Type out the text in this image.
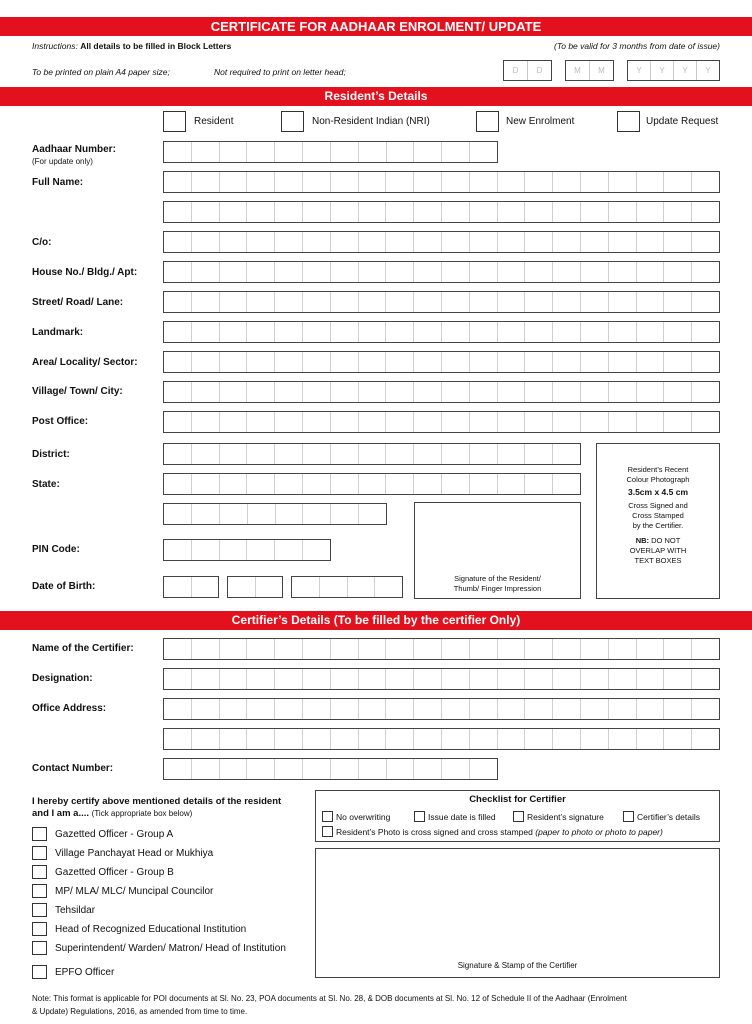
CERTIFICATE FOR AADHAAR ENROLMENT/ UPDATE
Instructions: All details to be filled in Block Letters	(To be valid for 3 months from date of issue)
To be printed on plain A4 paper size;	Not required to print on letter head;	D	D	M	M	Y	Y	Y	Y
Resident’s Details
Resident	Non-Resident Indian (NRI)	New Enrolment	Update Request
Aadhaar Number:
(For update only)
Full Name:
C/o:
House No./ Bldg./ Apt:
Street/ Road/ Lane:
Landmark:
Area/ Locality/ Sector:
Village/ Town/ City:
Post Office:
District:
State:
PIN Code:
Date of Birth:
Signature of the Resident/
Thumb/ Finger Impression
Resident’s Recent
Colour Photograph
3.5cm x 4.5 cm
Cross Signed and
Cross Stamped
by the Certifier.
NB: DO NOT
OVERLAP WITH
TEXT BOXES
Certifier’s Details (To be filled by the certifier Only)
Name of the Certifier:
Designation:
Office Address:
Contact Number:
I hereby certify above mentioned details of the resident
and I am a.... (Tick appropriate box below)
Gazetted Officer - Group A
Village Panchayat Head or Mukhiya
Gazetted Officer - Group B
MP/ MLA/ MLC/ Muncipal Councilor
Tehsildar
Head of Recognized Educational Institution
Superintendent/ Warden/ Matron/ Head of Institution
EPFO Officer
Checklist for Certifier
No overwriting	Issue date is filled	Resident’s signature	Certifier’s details
Resident’s Photo is cross signed and cross stamped (paper to photo or photo to paper)
Signature & Stamp of the Certifier
Note: This format is applicable for POI documents at Sl. No. 23, POA documents at Sl. No. 28, & DOB documents at Sl. No. 12 of Schedule II of the Aadhaar (Enrolment
& Update) Regulations, 2016, as amended from time to time.
